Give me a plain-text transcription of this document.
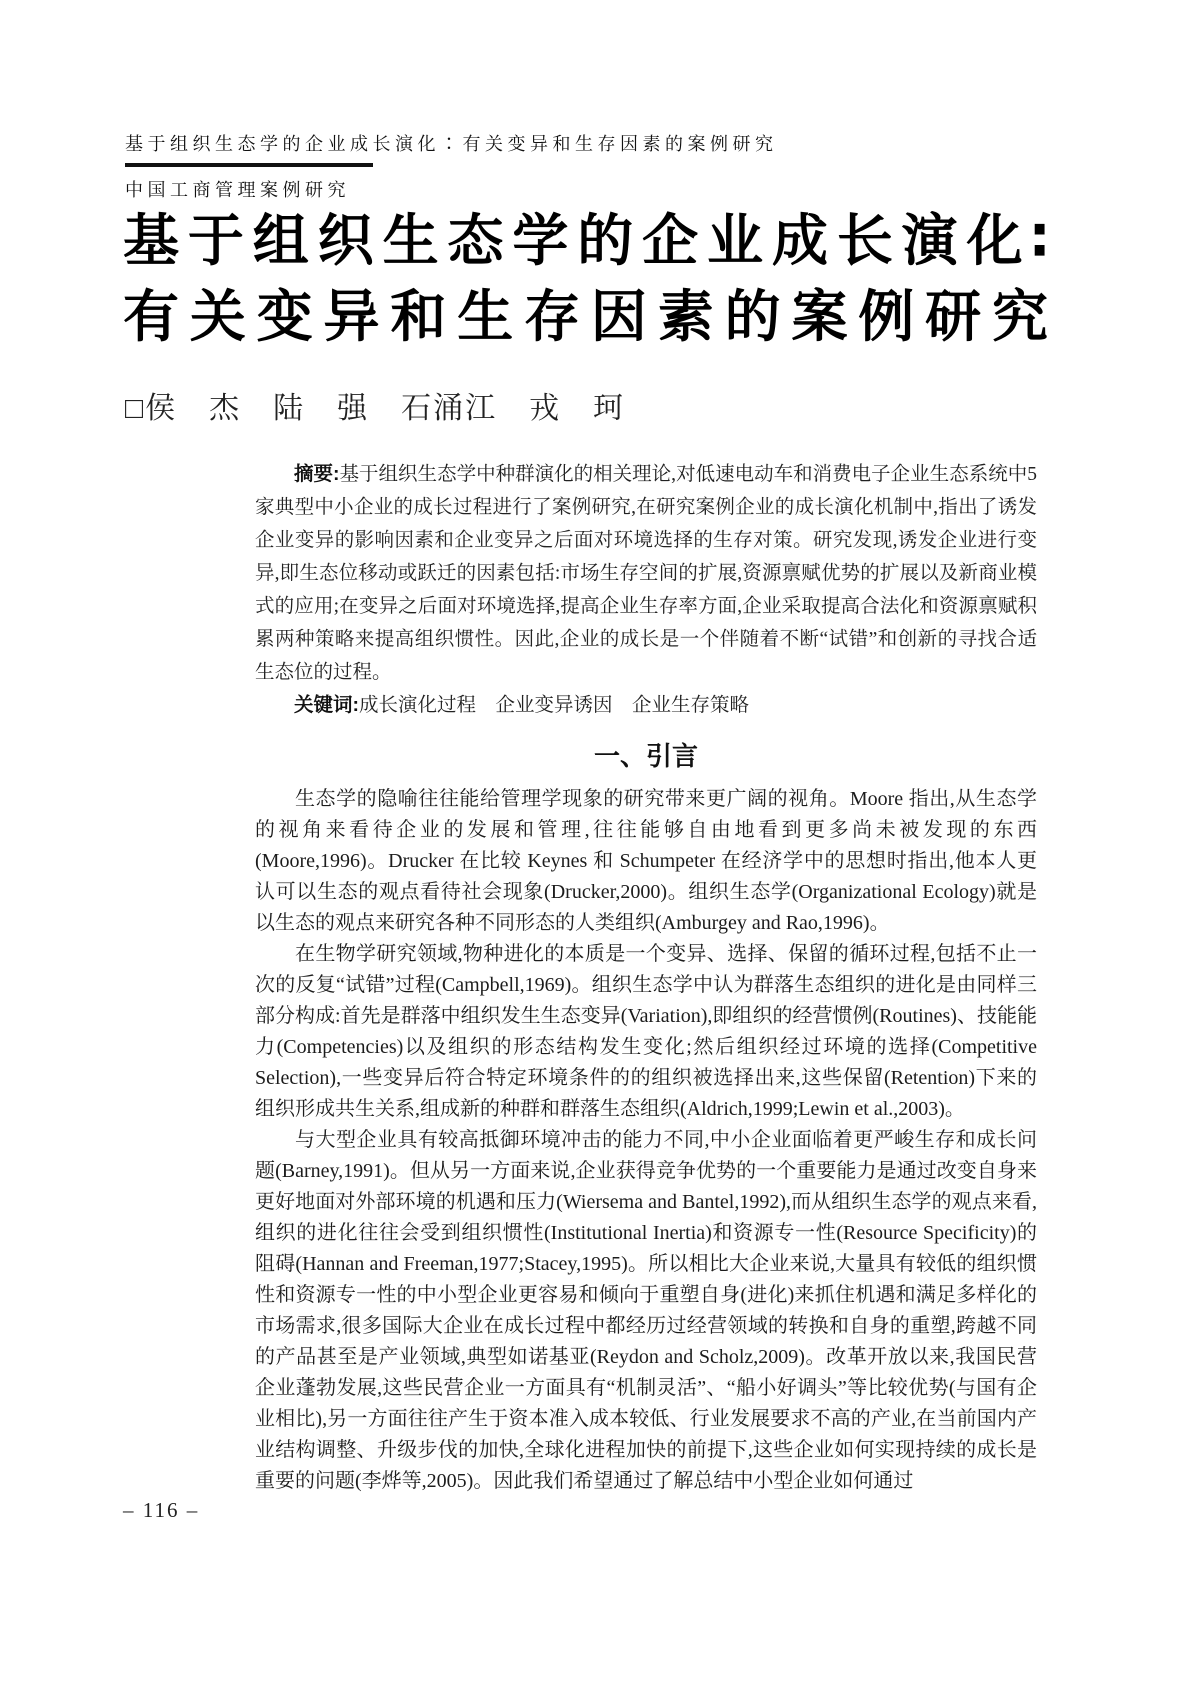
基于组织生态学的企业成长演化∶有关变异和生存因素的案例研究
中国工商管理案例研究
基于组织生态学的企业成长演化∶
有关变异和生存因素的案例研究
□侯　杰　陆　强　石涌江　戎　珂

摘要:基于组织生态学中种群演化的相关理论,对低速电动车和消费电子企业生态系统中5家典型中小企业的成长过程进行了案例研究,在研究案例企业的成长演化机制中,指出了诱发企业变异的影响因素和企业变异之后面对环境选择的生存对策。研究发现,诱发企业进行变异,即生态位移动或跃迁的因素包括:市场生存空间的扩展,资源禀赋优势的扩展以及新商业模式的应用;在变异之后面对环境选择,提高企业生存率方面,企业采取提高合法化和资源禀赋积累两种策略来提高组织惯性。因此,企业的成长是一个伴随着不断“试错”和创新的寻找合适生态位的过程。

关键词:成长演化过程　企业变异诱因　企业生存策略

一、引言

生态学的隐喻往往能给管理学现象的研究带来更广阔的视角。Moore 指出,从生态学的视角来看待企业的发展和管理,往往能够自由地看到更多尚未被发现的东西(Moore,1996)。Drucker 在比较 Keynes 和 Schumpeter 在经济学中的思想时指出,他本人更认可以生态的观点看待社会现象(Drucker,2000)。组织生态学(Organizational Ecology)就是以生态的观点来研究各种不同形态的人类组织(Amburgey and Rao,1996)。

在生物学研究领域,物种进化的本质是一个变异、选择、保留的循环过程,包括不止一次的反复“试错”过程(Campbell,1969)。组织生态学中认为群落生态组织的进化是由同样三部分构成:首先是群落中组织发生生态变异(Variation),即组织的经营惯例(Routines)、技能能力(Competencies)以及组织的形态结构发生变化;然后组织经过环境的选择(Competitive Selection),一些变异后符合特定环境条件的的组织被选择出来,这些保留(Retention)下来的组织形成共生关系,组成新的种群和群落生态组织(Aldrich,1999;Lewin et al.,2003)。

与大型企业具有较高抵御环境冲击的能力不同,中小企业面临着更严峻生存和成长问题(Barney,1991)。但从另一方面来说,企业获得竞争优势的一个重要能力是通过改变自身来更好地面对外部环境的机遇和压力(Wiersema and Bantel,1992),而从组织生态学的观点来看,组织的进化往往会受到组织惯性(Institutional Inertia)和资源专一性(Resource Specificity)的阻碍(Hannan and Freeman,1977;Stacey,1995)。所以相比大企业来说,大量具有较低的组织惯性和资源专一性的中小型企业更容易和倾向于重塑自身(进化)来抓住机遇和满足多样化的市场需求,很多国际大企业在成长过程中都经历过经营领域的转换和自身的重塑,跨越不同的产品甚至是产业领域,典型如诺基亚(Reydon and Scholz,2009)。改革开放以来,我国民营企业蓬勃发展,这些民营企业一方面具有“机制灵活”、“船小好调头”等比较优势(与国有企业相比),另一方面往往产生于资本准入成本较低、行业发展要求不高的产业,在当前国内产业结构调整、升级步伐的加快,全球化进程加快的前提下,这些企业如何实现持续的成长是重要的问题(李烨等,2005)。因此我们希望通过了解总结中小型企业如何通过

– 116 –
